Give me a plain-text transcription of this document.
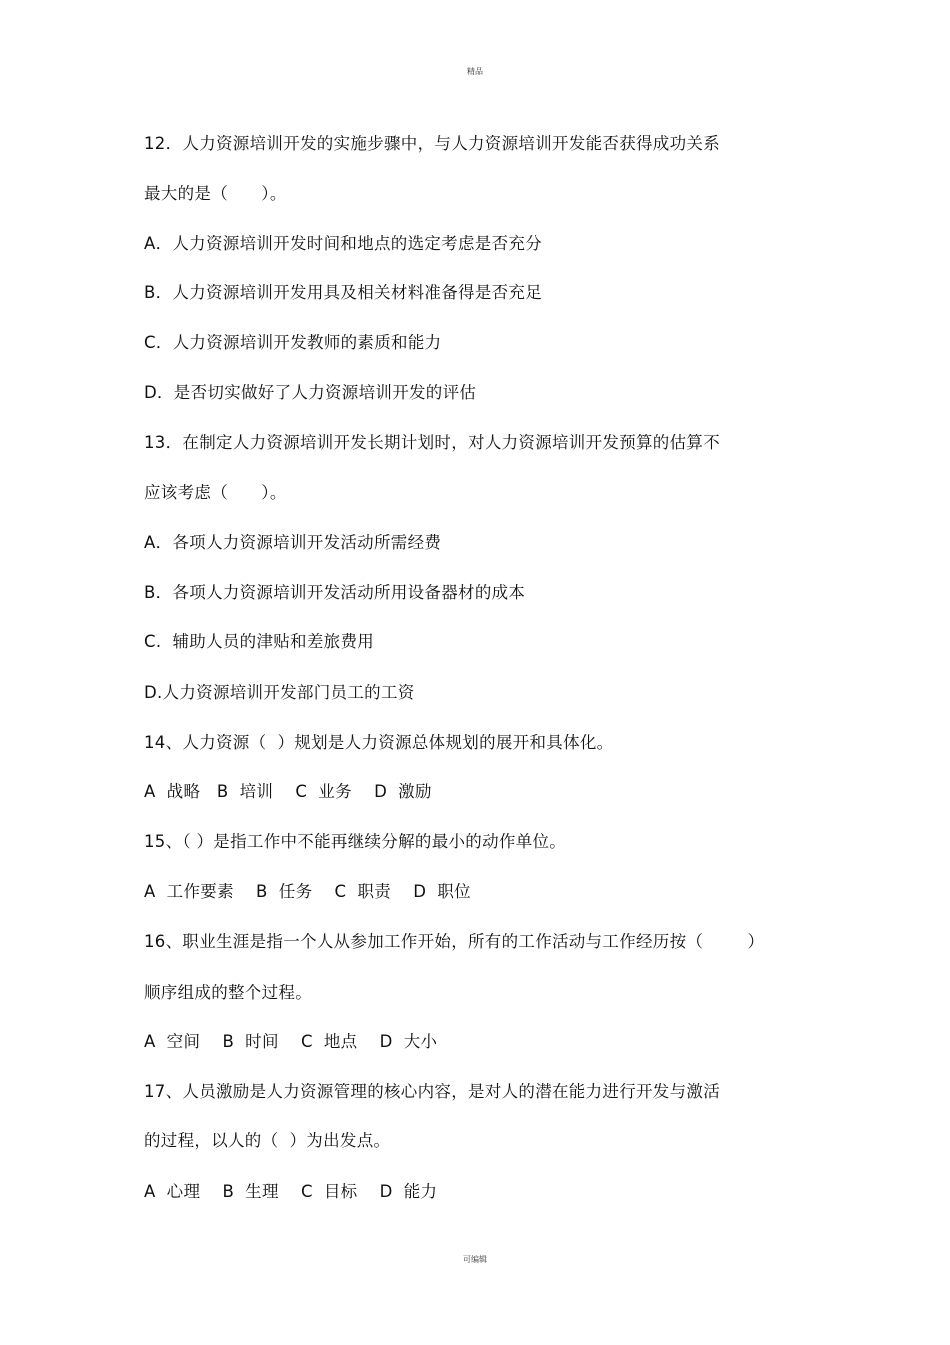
精品
12．人力资源培训开发的实施步骤中，与人力资源培训开发能否获得成功关系
最大的是（      ）。
A．人力资源培训开发时间和地点的选定考虑是否充分
B．人力资源培训开发用具及相关材料准备得是否充足
C．人力资源培训开发教师的素质和能力
D．是否切实做好了人力资源培训开发的评估
13．在制定人力资源培训开发长期计划时，对人力资源培训开发预算的估算不
应该考虑（      ）。
A．各项人力资源培训开发活动所需经费
B．各项人力资源培训开发活动所用设备器材的成本
C.  辅助人员的津贴和差旅费用
D.人力资源培训开发部门员工的工资
14、人力资源（  ）规划是人力资源总体规划的展开和具体化。
A  战略   B  培训    C  业务    D  激励
15、（ ）是指工作中不能再继续分解的最小的动作单位。
A  工作要素    B  任务    C  职责    D  职位
16、职业生涯是指一个人从参加工作开始，所有的工作活动与工作经历按（        ）
顺序组成的整个过程。
A  空间    B  时间    C  地点    D  大小
17、人员激励是人力资源管理的核心内容，是对人的潜在能力进行开发与激活
的过程，以人的（  ）为出发点。
A  心理    B  生理    C  目标    D  能力
可编辑
